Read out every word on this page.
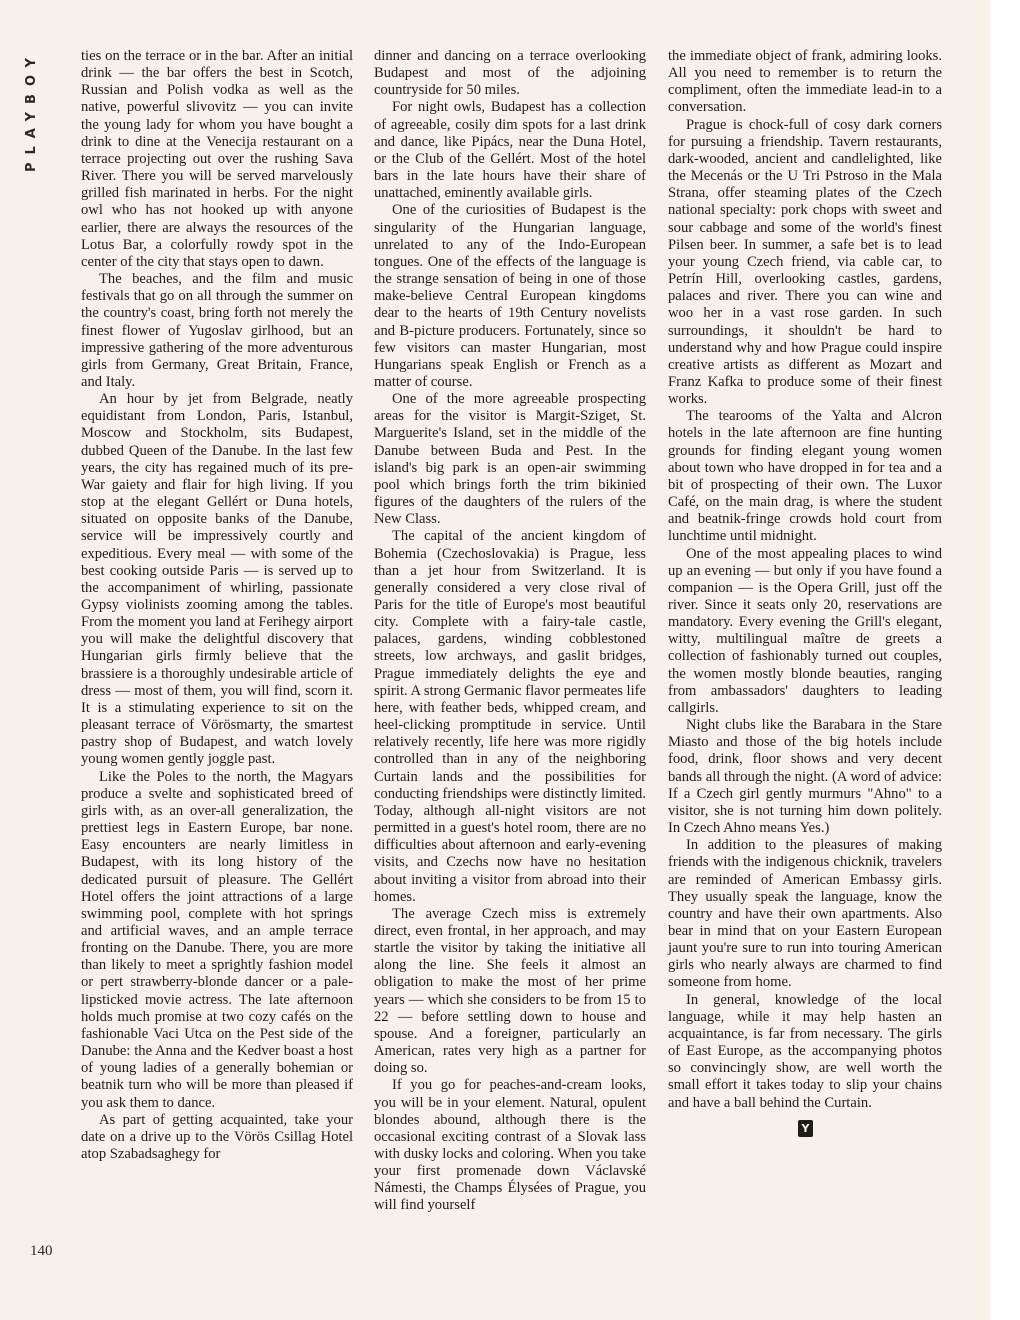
PLAYBOY
140

ties on the terrace or in the bar. After an initial drink — the bar offers the best in Scotch, Russian and Polish vodka as well as the native, powerful slivovitz — you can invite the young lady for whom you have bought a drink to dine at the Venecija restaurant on a terrace projecting out over the rushing Sava River. There you will be served marvelously grilled fish marinated in herbs. For the night owl who has not hooked up with anyone earlier, there are always the resources of the Lotus Bar, a colorfully rowdy spot in the center of the city that stays open to dawn.

The beaches, and the film and music festivals that go on all through the summer on the country's coast, bring forth not merely the finest flower of Yugoslav girlhood, but an impressive gathering of the more adventurous girls from Germany, Great Britain, France, and Italy.

An hour by jet from Belgrade, neatly equidistant from London, Paris, Istanbul, Moscow and Stockholm, sits Budapest, dubbed Queen of the Danube. In the last few years, the city has regained much of its pre-War gaiety and flair for high living. If you stop at the elegant Gellért or Duna hotels, situated on opposite banks of the Danube, service will be impressively courtly and expeditious. Every meal — with some of the best cooking outside Paris — is served up to the accompaniment of whirling, passionate Gypsy violinists zooming among the tables. From the moment you land at Ferihegy airport you will make the delightful discovery that Hungarian girls firmly believe that the brassiere is a thoroughly undesirable article of dress — most of them, you will find, scorn it. It is a stimulating experience to sit on the pleasant terrace of Vörösmarty, the smartest pastry shop of Budapest, and watch lovely young women gently joggle past.

Like the Poles to the north, the Magyars produce a svelte and sophisticated breed of girls with, as an over-all generalization, the prettiest legs in Eastern Europe, bar none. Easy encounters are nearly limitless in Budapest, with its long history of the dedicated pursuit of pleasure. The Gellért Hotel offers the joint attractions of a large swimming pool, complete with hot springs and artificial waves, and an ample terrace fronting on the Danube. There, you are more than likely to meet a sprightly fashion model or pert strawberry-blonde dancer or a pale-lipsticked movie actress. The late afternoon holds much promise at two cozy cafés on the fashionable Vaci Utca on the Pest side of the Danube: the Anna and the Kedver boast a host of young ladies of a generally bohemian or beatnik turn who will be more than pleased if you ask them to dance.

As part of getting acquainted, take your date on a drive up to the Vörös Csillag Hotel atop Szabadsaghegy for

dinner and dancing on a terrace overlooking Budapest and most of the adjoining countryside for 50 miles.

For night owls, Budapest has a collection of agreeable, cosily dim spots for a last drink and dance, like Pipács, near the Duna Hotel, or the Club of the Gellért. Most of the hotel bars in the late hours have their share of unattached, eminently available girls.

One of the curiosities of Budapest is the singularity of the Hungarian language, unrelated to any of the Indo-European tongues. One of the effects of the language is the strange sensation of being in one of those make-believe Central European kingdoms dear to the hearts of 19th Century novelists and B-picture producers. Fortunately, since so few visitors can master Hungarian, most Hungarians speak English or French as a matter of course.

One of the more agreeable prospecting areas for the visitor is Margit-Sziget, St. Marguerite's Island, set in the middle of the Danube between Buda and Pest. In the island's big park is an open-air swimming pool which brings forth the trim bikinied figures of the daughters of the rulers of the New Class.

The capital of the ancient kingdom of Bohemia (Czechoslovakia) is Prague, less than a jet hour from Switzerland. It is generally considered a very close rival of Paris for the title of Europe's most beautiful city. Complete with a fairy-tale castle, palaces, gardens, winding cobblestoned streets, low archways, and gaslit bridges, Prague immediately delights the eye and spirit. A strong Germanic flavor permeates life here, with feather beds, whipped cream, and heel-clicking promptitude in service. Until relatively recently, life here was more rigidly controlled than in any of the neighboring Curtain lands and the possibilities for conducting friendships were distinctly limited. Today, although all-night visitors are not permitted in a guest's hotel room, there are no difficulties about afternoon and early-evening visits, and Czechs now have no hesitation about inviting a visitor from abroad into their homes.

The average Czech miss is extremely direct, even frontal, in her approach, and may startle the visitor by taking the initiative all along the line. She feels it almost an obligation to make the most of her prime years — which she considers to be from 15 to 22 — before settling down to house and spouse. And a foreigner, particularly an American, rates very high as a partner for doing so.

If you go for peaches-and-cream looks, you will be in your element. Natural, opulent blondes abound, although there is the occasional exciting contrast of a Slovak lass with dusky locks and coloring. When you take your first promenade down Václavské Námesti, the Champs Élysées of Prague, you will find yourself

the immediate object of frank, admiring looks. All you need to remember is to return the compliment, often the immediate lead-in to a conversation.

Prague is chock-full of cosy dark corners for pursuing a friendship. Tavern restaurants, dark-wooded, ancient and candlelighted, like the Mecenás or the U Tri Pstroso in the Mala Strana, offer steaming plates of the Czech national specialty: pork chops with sweet and sour cabbage and some of the world's finest Pilsen beer. In summer, a safe bet is to lead your young Czech friend, via cable car, to Petrín Hill, overlooking castles, gardens, palaces and river. There you can wine and woo her in a vast rose garden. In such surroundings, it shouldn't be hard to understand why and how Prague could inspire creative artists as different as Mozart and Franz Kafka to produce some of their finest works.

The tearooms of the Yalta and Alcron hotels in the late afternoon are fine hunting grounds for finding elegant young women about town who have dropped in for tea and a bit of prospecting of their own. The Luxor Café, on the main drag, is where the student and beatnik-fringe crowds hold court from lunchtime until midnight.

One of the most appealing places to wind up an evening — but only if you have found a companion — is the Opera Grill, just off the river. Since it seats only 20, reservations are mandatory. Every evening the Grill's elegant, witty, multilingual maître de greets a collection of fashionably turned out couples, the women mostly blonde beauties, ranging from ambassadors' daughters to leading callgirls.

Night clubs like the Barabara in the Stare Miasto and those of the big hotels include food, drink, floor shows and very decent bands all through the night. (A word of advice: If a Czech girl gently murmurs "Ahno" to a visitor, she is not turning him down politely. In Czech Ahno means Yes.)

In addition to the pleasures of making friends with the indigenous chicknik, travelers are reminded of American Embassy girls. They usually speak the language, know the country and have their own apartments. Also bear in mind that on your Eastern European jaunt you're sure to run into touring American girls who nearly always are charmed to find someone from home.

In general, knowledge of the local language, while it may help hasten an acquaintance, is far from necessary. The girls of East Europe, as the accompanying photos so convincingly show, are well worth the small effort it takes today to slip your chains and have a ball behind the Curtain.

Y
